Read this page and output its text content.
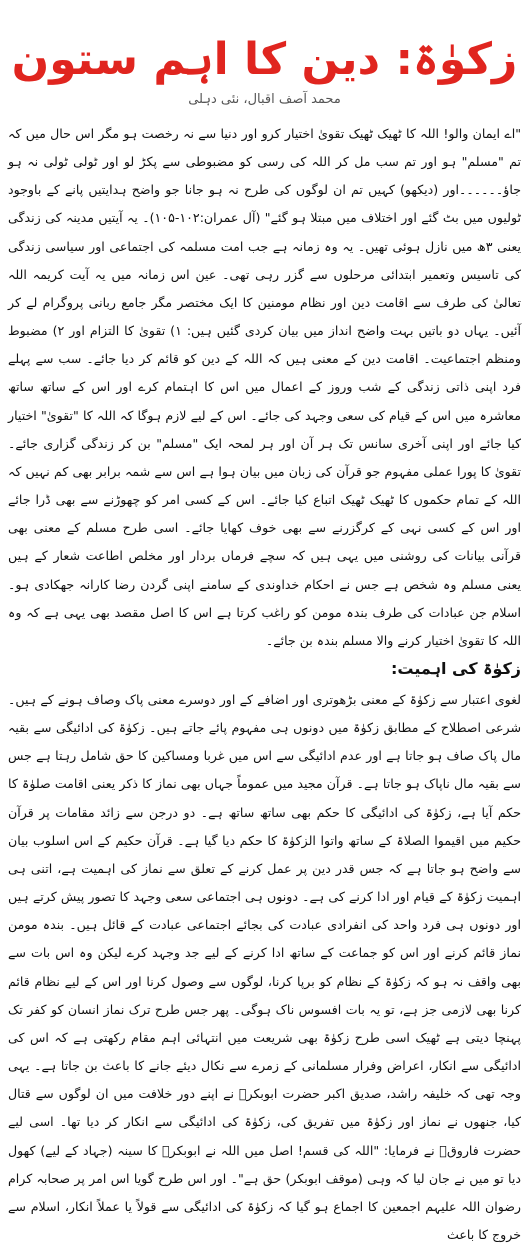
زکوٰۃ: دین کا اہم ستون
محمد آصف اقبال، نئی دہلی

"اے ایمان والو! اللہ کا ٹھیک ٹھیک تقویٰ اختیار کرو اور دنیا سے نہ رخصت ہو مگر اس حال میں کہ تم "مسلم" ہو اور تم سب مل کر اللہ کی رسی کو مضبوطی سے پکڑ لو اور ٹولی ٹولی نہ ہو جاؤ۔۔۔۔۔۔اور (دیکھو) کہیں تم ان لوگوں کی طرح نہ ہو جانا جو واضح ہدایتیں پانے کے باوجود ٹولیوں میں بٹ گئے اور اختلاف میں مبتلا ہو گئے" (آل عمران:۱۰۲-۱۰۵)۔ یہ آیتیں مدینہ کی زندگی یعنی ۳ھ میں نازل ہوئی تھیں۔ یہ وہ زمانہ ہے جب امت مسلمہ کی اجتماعی اور سیاسی زندگی کی تاسیس وتعمیر ابتدائی مرحلوں سے گزر رہی تھی۔ عین اس زمانہ میں یہ آیت کریمہ اللہ تعالیٰ کی طرف سے اقامت دین اور نظام مومنین کا ایک مختصر مگر جامع ربانی پروگرام لے کر آئیں۔ یہاں دو باتیں بہت واضح انداز میں بیان کردی گئیں ہیں: ۱) تقویٰ کا التزام اور ۲) مضبوط ومنظم اجتماعیت۔ اقامت دین کے معنی ہیں کہ اللہ کے دین کو قائم کر دیا جائے۔ سب سے پہلے فرد اپنی ذاتی زندگی کے شب وروز کے اعمال میں اس کا اہتمام کرے اور اس کے ساتھ ساتھ معاشرہ میں اس کے قیام کی سعی وجہد کی جائے۔ اس کے لیے لازم ہوگا کہ اللہ کا "تقویٰ" اختیار کیا جائے اور اپنی آخری سانس تک ہر آن اور ہر لمحہ ایک "مسلم" بن کر زندگی گزاری جائے۔ تقویٰ کا پورا عملی مفہوم جو قرآن کی زبان میں بیان ہوا ہے اس سے شمہ برابر بھی کم نہیں کہ اللہ کے تمام حکموں کا ٹھیک ٹھیک اتباع کیا جائے۔ اس کے کسی امر کو چھوڑنے سے بھی ڈرا جائے اور اس کے کسی نہی کے کرگزرنے سے بھی خوف کھایا جائے۔ اسی طرح مسلم کے معنی بھی قرآنی بیانات کی روشنی میں یہی ہیں کہ سچے فرماں بردار اور مخلص اطاعت شعار کے ہیں یعنی مسلم وہ شخص ہے جس نے احکام خداوندی کے سامنے اپنی گردن رضا کارانہ جھکادی ہو۔ اسلام جن عبادات کی طرف بندہ مومن کو راغب کرتا ہے اس کا اصل مقصد بھی یہی ہے کہ وہ اللہ کا تقویٰ اختیار کرنے والا مسلم بندہ بن جائے۔

زکوٰۃ کی اہمیت:

لغوی اعتبار سے زکوٰۃ کے معنی بڑھوتری اور اضافے کے اور دوسرے معنی پاک وصاف ہونے کے ہیں۔ شرعی اصطلاح کے مطابق زکوٰۃ میں دونوں ہی مفہوم پائے جاتے ہیں۔ زکوٰۃ کی ادائیگی سے بقیہ مال پاک صاف ہو جاتا ہے اور عدم ادائیگی سے اس میں غربا ومساکین کا حق شامل رہتا ہے جس سے بقیہ مال ناپاک ہو جاتا ہے۔ قرآن مجید میں عموماً جہاں بھی نماز کا ذکر یعنی اقامت صلوٰۃ کا حکم آیا ہے، زکوٰۃ کی ادائیگی کا حکم بھی ساتھ ساتھ ہے۔ دو درجن سے زائد مقامات پر قرآن حکیم میں اقیموا الصلاۃ کے ساتھ واتوا الزکوٰۃ کا حکم دیا گیا ہے۔ قرآن حکیم کے اس اسلوب بیان سے واضح ہو جاتا ہے کہ جس قدر دین پر عمل کرنے کے تعلق سے نماز کی اہمیت ہے، اتنی ہی اہمیت زکوٰۃ کے قیام اور ادا کرنے کی ہے۔ دونوں ہی اجتماعی سعی وجہد کا تصور پیش کرتے ہیں اور دونوں ہی فرد واحد کی انفرادی عبادت کی بجائے اجتماعی عبادت کے قائل ہیں۔ بندہ مومن نماز قائم کرنے اور اس کو جماعت کے ساتھ ادا کرنے کے لیے جد وجہد کرے لیکن وہ اس بات سے بھی واقف نہ ہو کہ زکوٰۃ کے نظام کو برپا کرنا، لوگوں سے وصول کرنا اور اس کے لیے نظام قائم کرنا بھی لازمی جز ہے، تو یہ بات افسوس ناک ہوگی۔ پھر جس طرح ترک نماز انسان کو کفر تک پہنچا دیتی ہے ٹھیک اسی طرح زکوٰۃ بھی شریعت میں انتہائی اہم مقام رکھتی ہے کہ اس کی ادائیگی سے انکار، اعراض وفرار مسلمانی کے زمرے سے نکال دیئے جانے کا باعث بن جاتا ہے۔ یہی وجہ تھی کہ خلیفہ راشد، صدیق اکبر حضرت ابوبکرؓ نے اپنے دور خلافت میں ان لوگوں سے قتال کیا، جنھوں نے نماز اور زکوٰۃ میں تفریق کی، زکوٰۃ کی ادائیگی سے انکار کر دیا تھا۔ اسی لیے حضرت فاروقؓ نے فرمایا: "اللہ کی قسم! اصل میں اللہ نے ابوبکرؓ کا سینہ (جہاد کے لیے) کھول دیا تو میں نے جان لیا کہ وہی (موقف ابوبکر) حق ہے"۔ اور اس طرح گویا اس امر پر صحابہ کرام رضوان اللہ علیہم اجمعین کا اجماع ہو گیا کہ زکوٰۃ کی ادائیگی سے قولاً یا عملاً انکار، اسلام سے خروج کا باعث
